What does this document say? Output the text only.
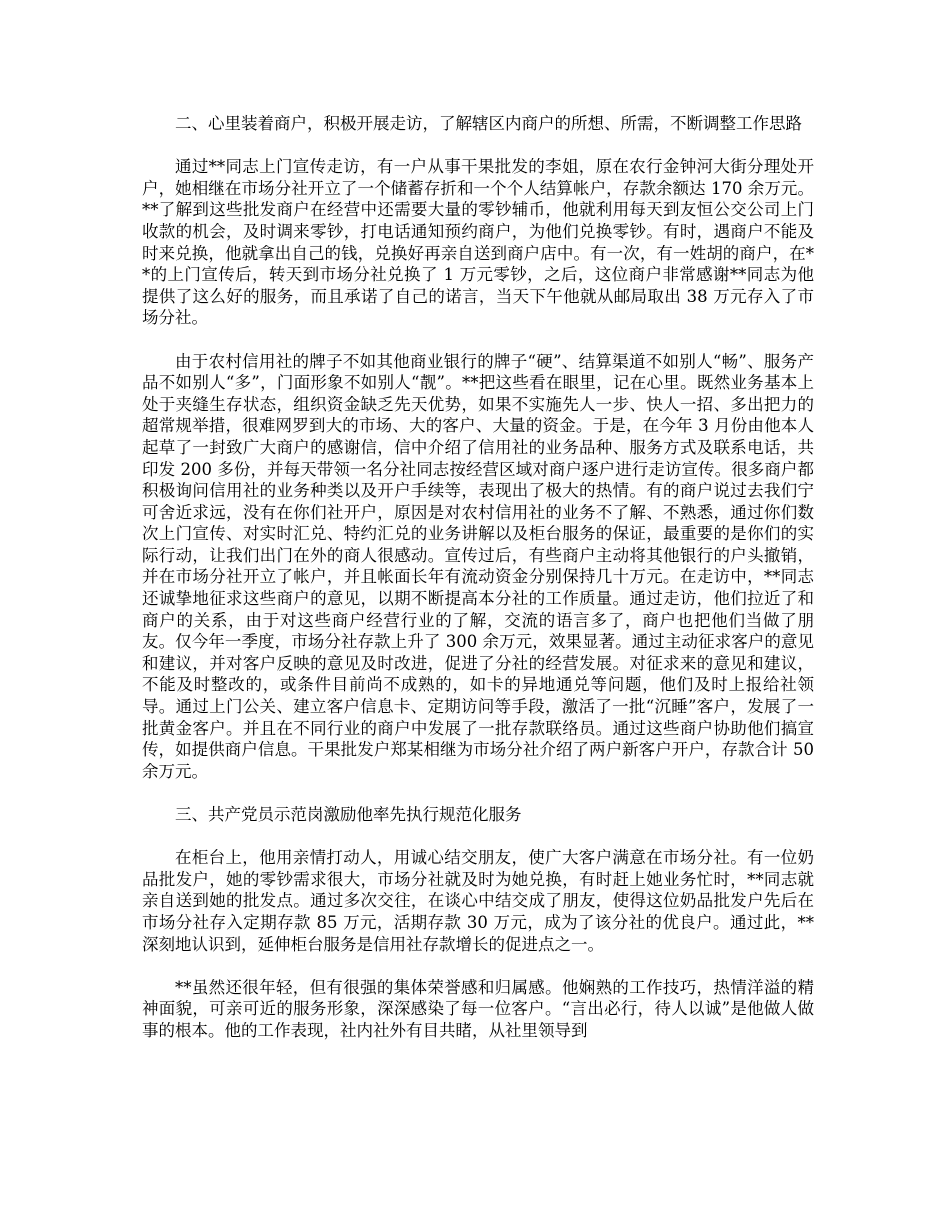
二、心里装着商户，积极开展走访，了解辖区内商户的所想、所需，不断调整工作思路

通过**同志上门宣传走访，有一户从事干果批发的李姐，原在农行金钟河大街分理处开户，她相继在市场分社开立了一个储蓄存折和一个个人结算帐户，存款余额达 170 余万元。**了解到这些批发商户在经营中还需要大量的零钞辅币，他就利用每天到友恒公交公司上门收款的机会，及时调来零钞，打电话通知预约商户，为他们兑换零钞。有时，遇商户不能及时来兑换，他就拿出自己的钱，兑换好再亲自送到商户店中。有一次，有一姓胡的商户，在**的上门宣传后，转天到市场分社兑换了 1 万元零钞，之后，这位商户非常感谢**同志为他提供了这么好的服务，而且承诺了自己的诺言，当天下午他就从邮局取出 38 万元存入了市场分社。

由于农村信用社的牌子不如其他商业银行的牌子“硬”、结算渠道不如别人“畅”、服务产品不如别人“多”，门面形象不如别人“靓”。**把这些看在眼里，记在心里。既然业务基本上处于夹缝生存状态，组织资金缺乏先天优势，如果不实施先人一步、快人一招、多出把力的超常规举措，很难网罗到大的市场、大的客户、大量的资金。于是，在今年 3 月份由他本人起草了一封致广大商户的感谢信，信中介绍了信用社的业务品种、服务方式及联系电话，共印发 200 多份，并每天带领一名分社同志按经营区域对商户逐户进行走访宣传。很多商户都积极询问信用社的业务种类以及开户手续等，表现出了极大的热情。有的商户说过去我们宁可舍近求远，没有在你们社开户，原因是对农村信用社的业务不了解、不熟悉，通过你们数次上门宣传、对实时汇兑、特约汇兑的业务讲解以及柜台服务的保证，最重要的是你们的实际行动，让我们出门在外的商人很感动。宣传过后，有些商户主动将其他银行的户头撤销，并在市场分社开立了帐户，并且帐面长年有流动资金分别保持几十万元。在走访中，**同志还诚挚地征求这些商户的意见，以期不断提高本分社的工作质量。通过走访，他们拉近了和商户的关系，由于对这些商户经营行业的了解，交流的语言多了，商户也把他们当做了朋友。仅今年一季度，市场分社存款上升了 300 余万元，效果显著。通过主动征求客户的意见和建议，并对客户反映的意见及时改进，促进了分社的经营发展。对征求来的意见和建议，不能及时整改的，或条件目前尚不成熟的，如卡的异地通兑等问题，他们及时上报给社领导。通过上门公关、建立客户信息卡、定期访问等手段，激活了一批“沉睡”客户，发展了一批黄金客户。并且在不同行业的商户中发展了一批存款联络员。通过这些商户协助他们搞宣传，如提供商户信息。干果批发户郑某相继为市场分社介绍了两户新客户开户，存款合计 50 余万元。

三、共产党员示范岗激励他率先执行规范化服务

在柜台上，他用亲情打动人，用诚心结交朋友，使广大客户满意在市场分社。有一位奶品批发户，她的零钞需求很大，市场分社就及时为她兑换，有时赶上她业务忙时，**同志就亲自送到她的批发点。通过多次交往，在谈心中结交成了朋友，使得这位奶品批发户先后在市场分社存入定期存款 85 万元，活期存款 30 万元，成为了该分社的优良户。通过此，**深刻地认识到，延伸柜台服务是信用社存款增长的促进点之一。

**虽然还很年轻，但有很强的集体荣誉感和归属感。他娴熟的工作技巧，热情洋溢的精神面貌，可亲可近的服务形象，深深感染了每一位客户。“言出必行，待人以诚”是他做人做事的根本。他的工作表现，社内社外有目共睹，从社里领导到
